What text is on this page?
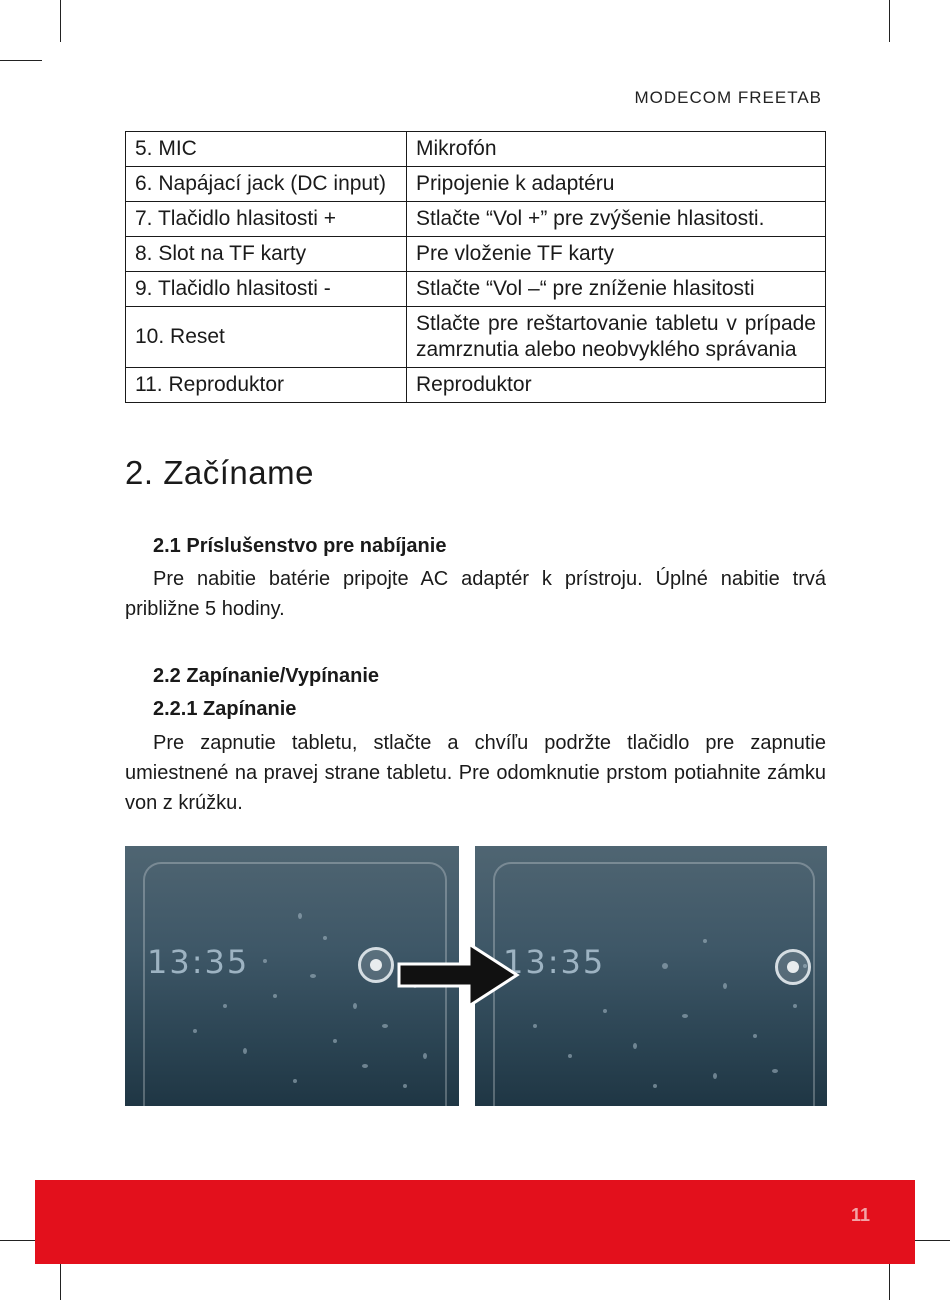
MODECOM FREETAB
5. MIC	Mikrofón
6. Napájací jack (DC input)	Pripojenie k adaptéru
7. Tlačidlo hlasitosti +	Stlačte “Vol +” pre zvýšenie hlasitosti.
8. Slot na TF karty	Pre vloženie TF karty
9. Tlačidlo hlasitosti -	Stlačte “Vol –“ pre zníženie hlasitosti
10. Reset	Stlačte pre reštartovanie tabletu v prípade zamrznutia alebo neobvyklého správania
11. Reproduktor	Reproduktor
2. Začíname
2.1 Príslušenstvo pre nabíjanie

Pre nabitie batérie pripojte AC adaptér k prístroju. Úplné nabitie trvá približne 5 hodiny.

2.2 Zapínanie/Vypínanie
2.2.1 Zapínanie

Pre zapnutie tabletu, stlačte a chvíľu podržte tlačidlo pre zapnutie umiestnené na pravej strane tabletu. Pre odomknutie prstom potiahnite zámku von z krúžku.

13:35	13:35
11
